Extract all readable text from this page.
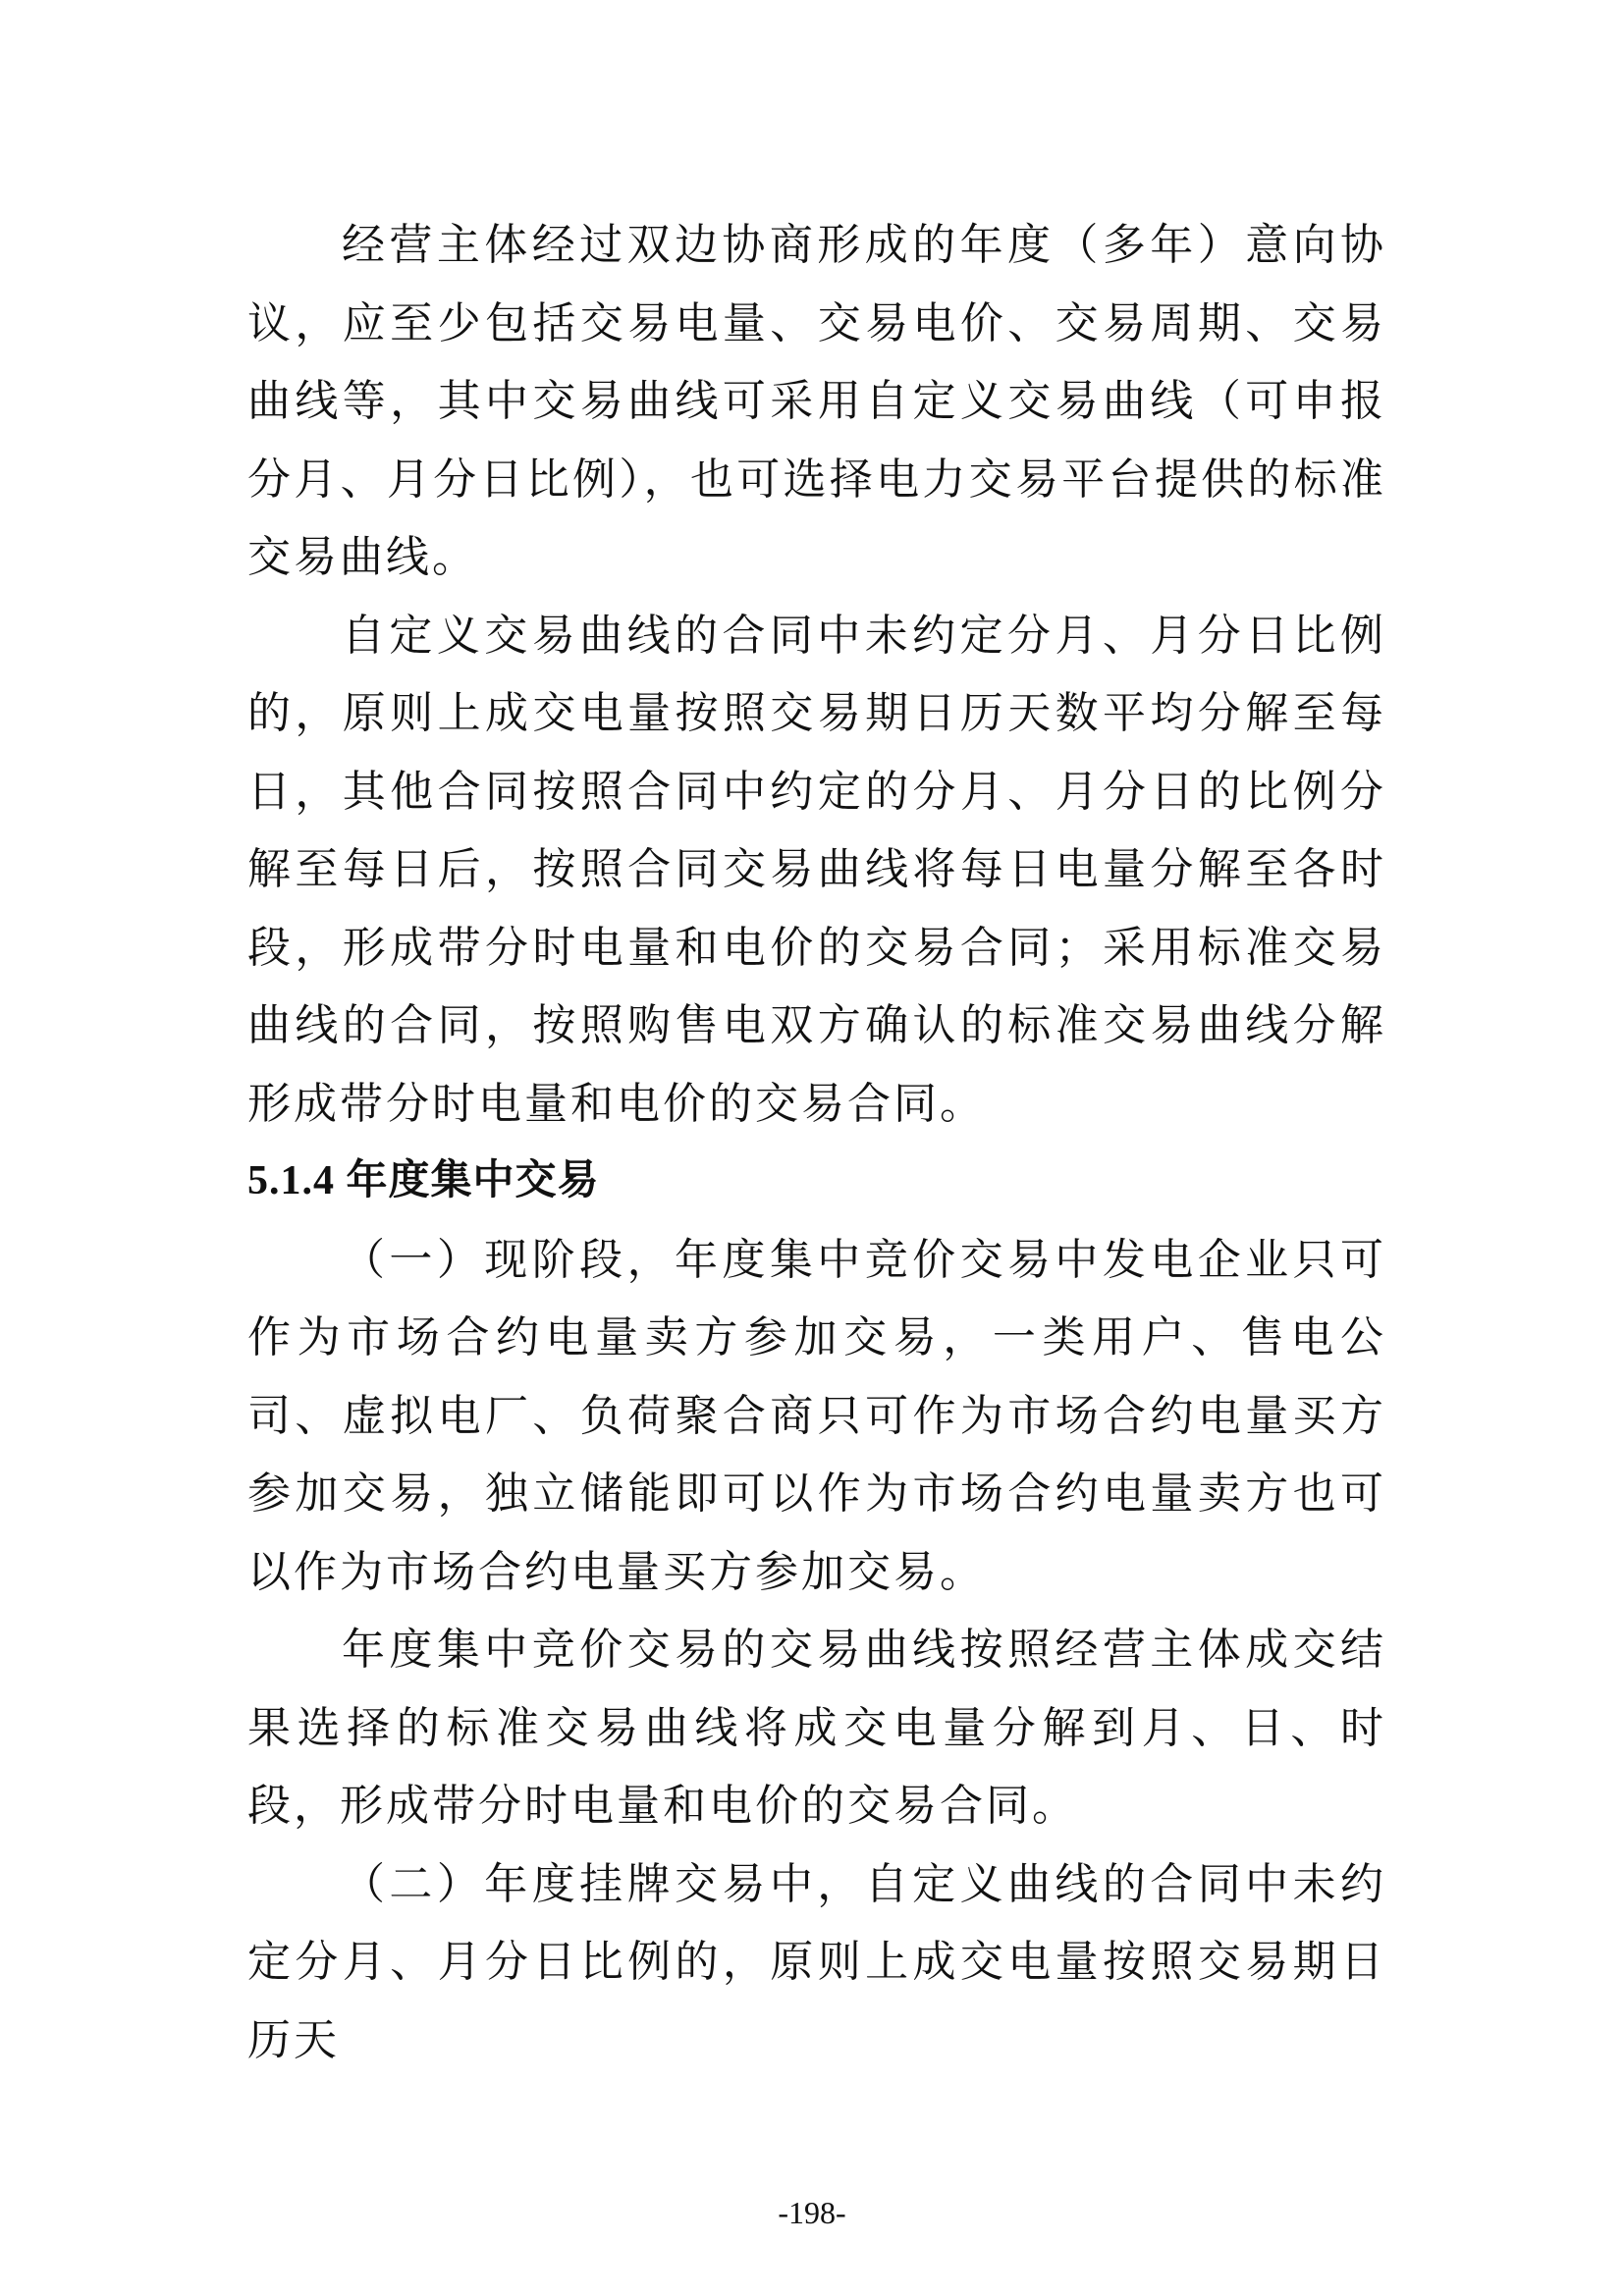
经营主体经过双边协商形成的年度（多年）意向协议，应至少包括交易电量、交易电价、交易周期、交易曲线等，其中交易曲线可采用自定义交易曲线（可申报分月、月分日比例），也可选择电力交易平台提供的标准交易曲线。

自定义交易曲线的合同中未约定分月、月分日比例的，原则上成交电量按照交易期日历天数平均分解至每日，其他合同按照合同中约定的分月、月分日的比例分解至每日后，按照合同交易曲线将每日电量分解至各时段，形成带分时电量和电价的交易合同；采用标准交易曲线的合同，按照购售电双方确认的标准交易曲线分解形成带分时电量和电价的交易合同。

5.1.4 年度集中交易

（一）现阶段，年度集中竞价交易中发电企业只可作为市场合约电量卖方参加交易，一类用户、售电公司、虚拟电厂、负荷聚合商只可作为市场合约电量买方参加交易，独立储能即可以作为市场合约电量卖方也可以作为市场合约电量买方参加交易。

年度集中竞价交易的交易曲线按照经营主体成交结果选择的标准交易曲线将成交电量分解到月、日、时段，形成带分时电量和电价的交易合同。

（二）年度挂牌交易中，自定义曲线的合同中未约定分月、月分日比例的，原则上成交电量按照交易期日历天

-198-
